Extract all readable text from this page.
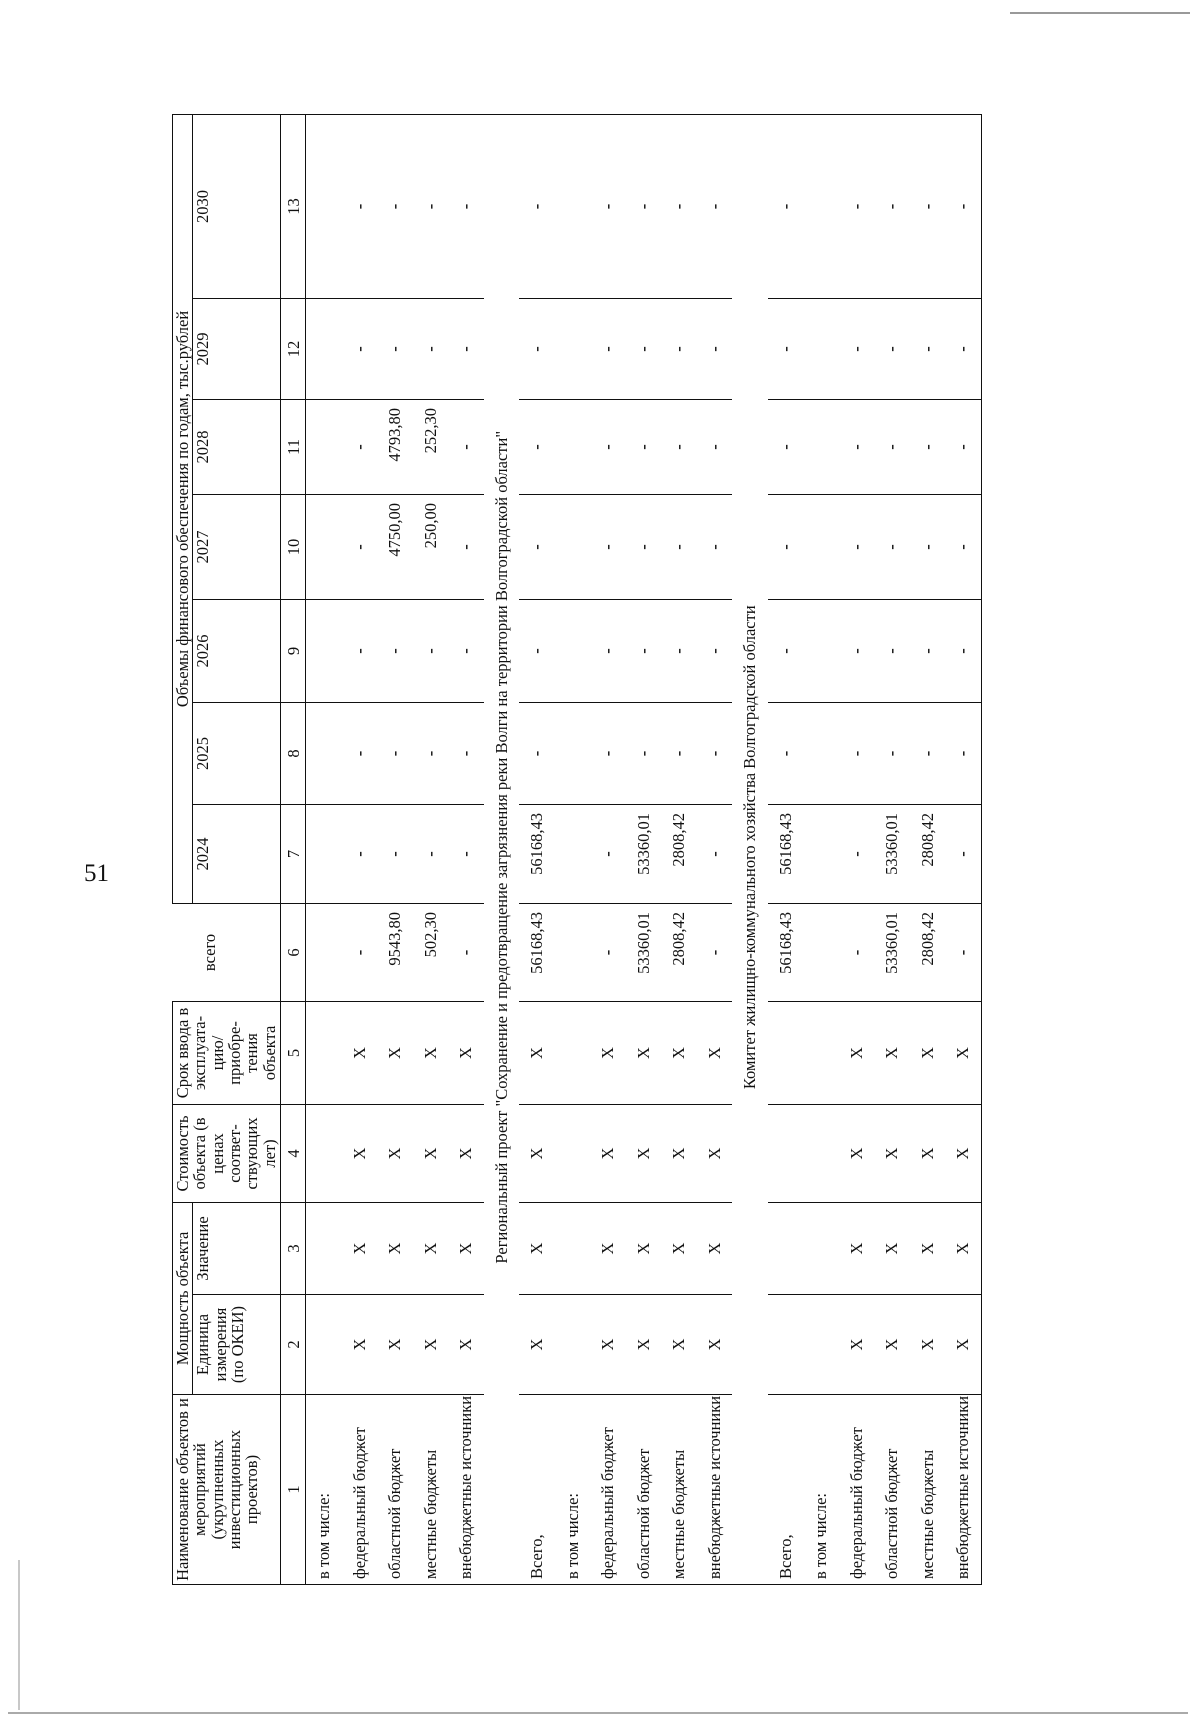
51
Наименование объектов и мероприятий (укрупненных инвестиционных проектов)	Мощность объекта		Стоимость объекта (в ценах соответ-ствующих лет)	Срок ввода в эксплуата-цию/приобре-тения объекта	всего	Объемы финансового обеспечения по годам, тыс.рублей						
	Единица измерения (по ОКЕИ)	Значение				2024	2025	2026	2027	2028	2029	2030
1	2	3	4	5	6	7	8	9	10	11	12	13
в том числе:												
федеральный бюджет	X	X	X	X	-	-	-	-	-	-	-	-
областной бюджет	X	X	X	X	9543,80	-	-	-	4750,00	4793,80	-	-
местные бюджеты	X	X	X	X	502,30	-	-	-	250,00	252,30	-	-
внебюджетные источники	X	X	X	X	-	-	-	-	-	-	-	-
	Региональный проект "Сохранение и предотвращение загрязнения реки Волги на территории Волгоградской области"											
Всего,	X	X	X	X	56168,43	56168,43	-	-	-	-	-	-
в том числе:												
федеральный бюджет	X	X	X	X	-	-	-	-	-	-	-	-
областной бюджет	X	X	X	X	53360,01	53360,01	-	-	-	-	-	-
местные бюджеты	X	X	X	X	2808,42	2808,42	-	-	-	-	-	-
внебюджетные источники	X	X	X	X	-	-	-	-	-	-	-	-
	Комитет жилищно-коммунального хозяйства Волгоградской области											
Всего,					56168,43	56168,43	-	-	-	-	-	-
в том числе:												
федеральный бюджет	X	X	X	X	-	-	-	-	-	-	-	-
областной бюджет	X	X	X	X	53360,01	53360,01	-	-	-	-	-	-
местные бюджеты	X	X	X	X	2808,42	2808,42	-	-	-	-	-	-
внебюджетные источники	X	X	X	X	-	-	-	-	-	-	-	-
